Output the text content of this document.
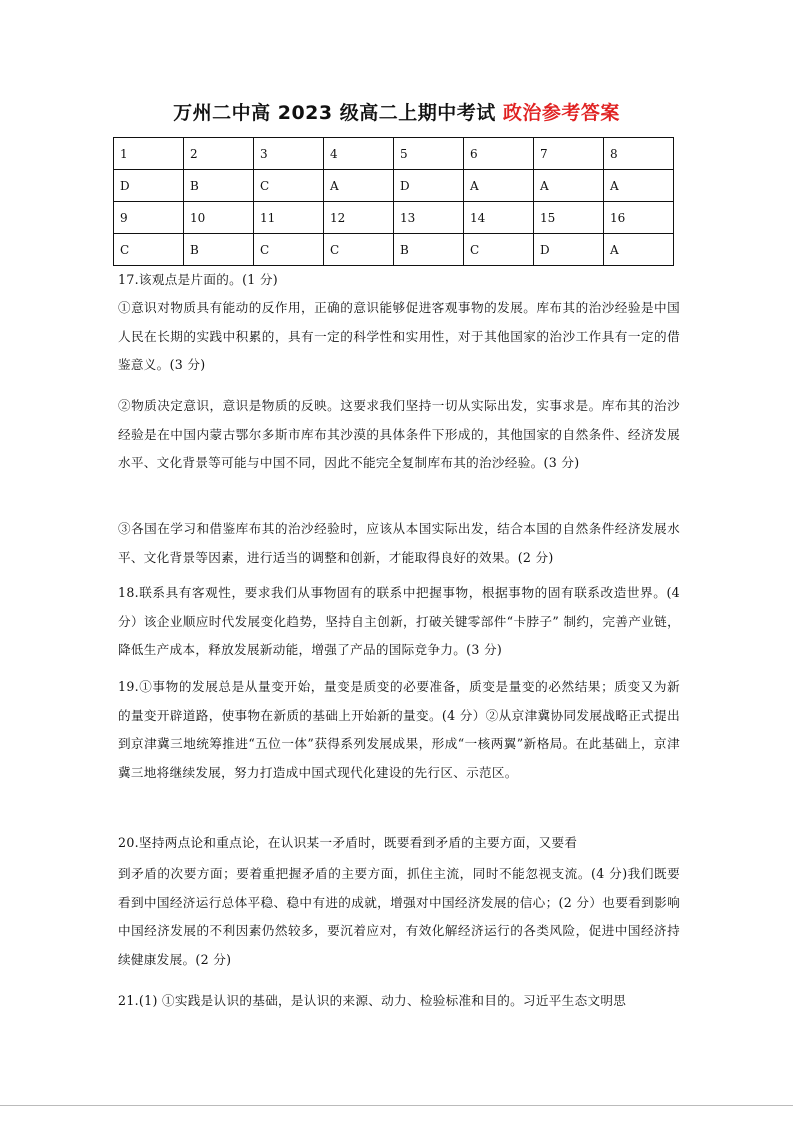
万州二中高 2023 级高二上期中考试 政治参考答案
1	2	3	4	5	6	7	8
D	B	C	A	D	A	A	A
9	10	11	12	13	14	15	16
C	B	C	C	B	C	D	A

17.该观点是片面的。(1 分)

①意识对物质具有能动的反作用，正确的意识能够促进客观事物的发展。库布其的治沙经验是中国人民在长期的实践中积累的，具有一定的科学性和实用性，对于其他国家的治沙工作具有一定的借鉴意义。(3 分)

②物质决定意识，意识是物质的反映。这要求我们坚持一切从实际出发，实事求是。库布其的治沙经验是在中国内蒙古鄂尔多斯市库布其沙漠的具体条件下形成的，其他国家的自然条件、经济发展水平、文化背景等可能与中国不同，因此不能完全复制库布其的治沙经验。(3 分)

③各国在学习和借鉴库布其的治沙经验时，应该从本国实际出发，结合本国的自然条件经济发展水平、文化背景等因素，进行适当的调整和创新，才能取得良好的效果。(2 分)

18.联系具有客观性，要求我们从事物固有的联系中把握事物，根据事物的固有联系改造世界。(4 分）该企业顺应时代发展变化趋势，坚持自主创新，打破关键零部件“卡脖子” 制约，完善产业链， 降低生产成本，释放发展新动能，增强了产品的国际竞争力。(3 分)

19.①事物的发展总是从量变开始，量变是质变的必要准备，质变是量变的必然结果；质变又为新的量变开辟道路，使事物在新质的基础上开始新的量变。(4 分）②从京津冀协同发展战略正式提出到京津冀三地统筹推进“五位一体”获得系列发展成果，形成“一核两翼”新格局。在此基础上，京津冀三地将继续发展，努力打造成中国式现代化建设的先行区、示范区。

20.坚持两点论和重点论，在认识某一矛盾时，既要看到矛盾的主要方面，又要看

到矛盾的次要方面；要着重把握矛盾的主要方面，抓住主流，同时不能忽视支流。(4 分)我们既要看到中国经济运行总体平稳、稳中有进的成就，增强对中国经济发展的信心；(2 分）也要看到影响中国经济发展的不利因素仍然较多，要沉着应对，有效化解经济运行的各类风险，促进中国经济持续健康发展。(2 分)

21.(1) ①实践是认识的基础，是认识的来源、动力、检验标准和目的。习近平生态文明思
